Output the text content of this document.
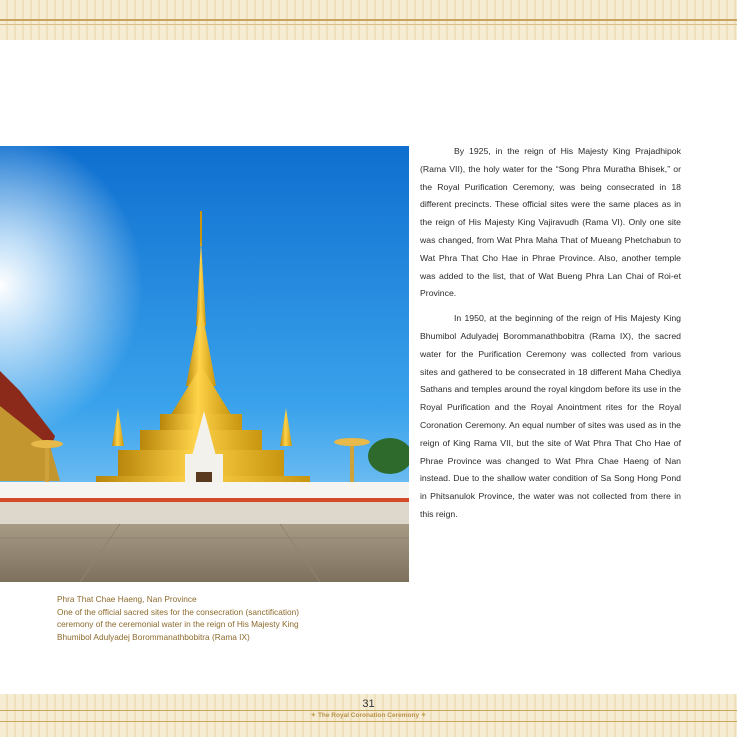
Phra That Chae Haeng, Nan Province
One of the official sacred sites for the consecration (sanctification)
ceremony of the ceremonial water in the reign of His Majesty King
Bhumibol Adulyadej Borommanathbobitra (Rama IX)

By 1925, in the reign of His Majesty King Prajadhipok (Rama VII), the holy water for the “Song Phra Muratha Bhisek,” or the Royal Purification Ceremony, was being consecrated in 18 different precincts. These official sites were the same places as in the reign of His Majesty King Vajiravudh (Rama VI). Only one site was changed, from Wat Phra Maha That of Mueang Phetchabun to Wat Phra That Cho Hae in Phrae Province. Also, another temple was added to the list, that of Wat Bueng Phra Lan Chai of Roi-et Province.

In 1950, at the beginning of the reign of His Majesty King Bhumibol Adulyadej Borommanathbobitra (Rama IX), the sacred water for the Purification Ceremony was collected from various sites and gathered to be consecrated in 18 different Maha Chediya Sathans and temples around the royal kingdom before its use in the Royal Purification and the Royal Anointment rites for the Royal Coronation Ceremony. An equal number of sites was used as in the reign of King Rama VII, but the site of Wat Phra That Cho Hae of Phrae Province was changed to Wat Phra Chae Haeng of Nan instead. Due to the shallow water condition of Sa Song Hong Pond in Phitsanulok Province, the water was not collected from there in this reign.

31
✦ The Royal Coronation Ceremony ✦
